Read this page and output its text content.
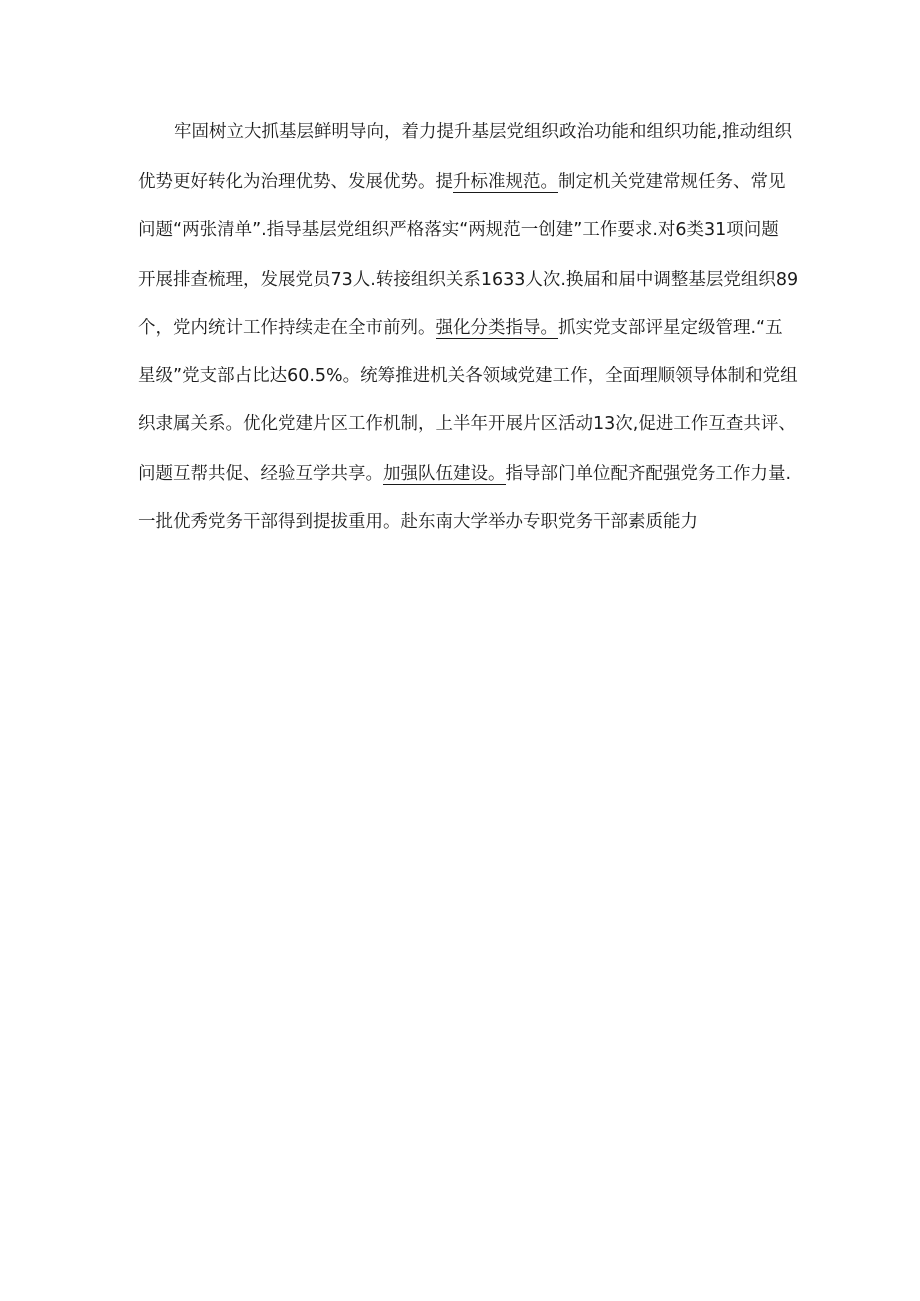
牢固树立大抓基层鲜明导向，着力提升基层党组织政治功能和组织功能,推动组织
优势更好转化为治理优势、发展优势。提升标准规范。制定机关党建常规任务、常见
问题“两张清单”.指导基层党组织严格落实“两规范一创建”工作要求.对6类31项问题
开展排查梳理，发展党员73人.转接组织关系1633人次.换届和届中调整基层党组织89
个，党内统计工作持续走在全市前列。强化分类指导。抓实党支部评星定级管理.“五
星级”党支部占比达60.5%。统筹推进机关各领域党建工作，全面理顺领导体制和党组
织隶属关系。优化党建片区工作机制，上半年开展片区活动13次,促进工作互查共评、
问题互帮共促、经验互学共享。加强队伍建设。指导部门单位配齐配强党务工作力量.
一批优秀党务干部得到提拔重用。赴东南大学举办专职党务干部素质能力
